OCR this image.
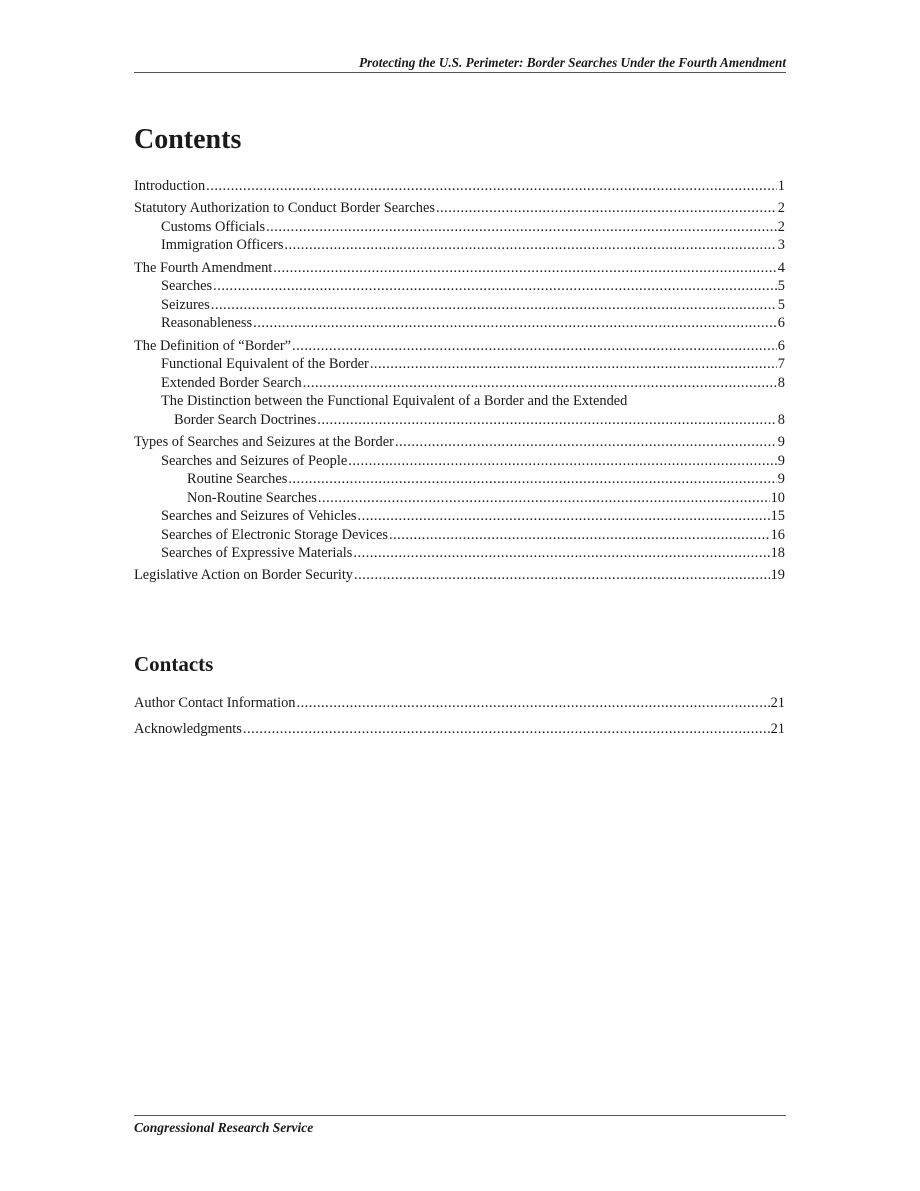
Protecting the U.S. Perimeter: Border Searches Under the Fourth Amendment
Contents
Introduction . . .	1
Statutory Authorization to Conduct Border Searches . . .	2
Customs Officials . . .	2
Immigration Officers . . .	3
The Fourth Amendment . . .	4
Searches . . .	5
Seizures . . .	5
Reasonableness . . .	6
The Definition of “Border” . . .	6
Functional Equivalent of the Border . . .	7
Extended Border Search . . .	8
The Distinction between the Functional Equivalent of a Border and the Extended
Border Search Doctrines . . .	8
Types of Searches and Seizures at the Border . . .	9
Searches and Seizures of People . . .	9
Routine Searches . . .	9
Non-Routine Searches . . .	10
Searches and Seizures of Vehicles . . .	15
Searches of Electronic Storage Devices . . .	16
Searches of Expressive Materials . . .	18
Legislative Action on Border Security . . .	19
Contacts
Author Contact Information . . .	21
Acknowledgments . . .	21
Congressional Research Service
